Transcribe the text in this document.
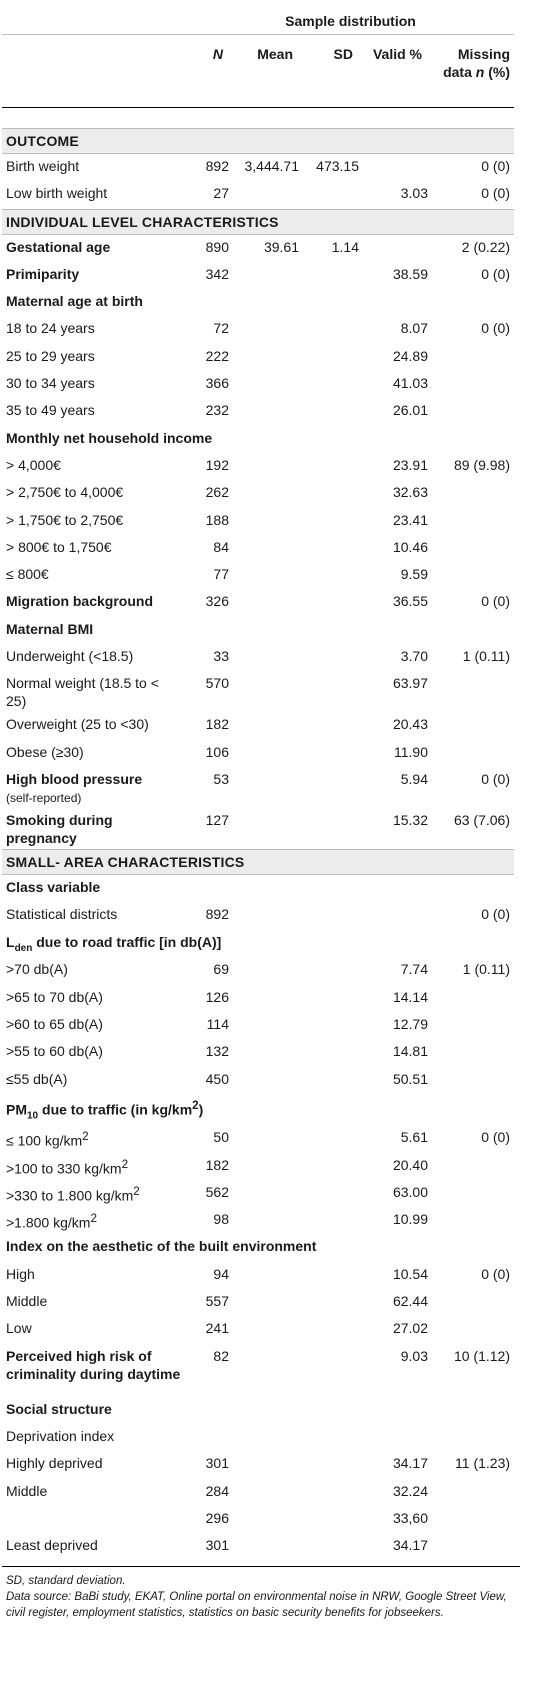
	Sample distribution				
	N	Mean	SD	Valid %	Missing
data n (%)

OUTCOME					
Birth weight	892	3,444.71	473.15		0 (0)
Low birth weight	27			3.03	0 (0)
INDIVIDUAL LEVEL CHARACTERISTICS					
Gestational age	890	39.61	1.14		2 (0.22)
Primiparity	342			38.59	0 (0)
Maternal age at birth					
18 to 24 years	72			8.07	0 (0)
25 to 29 years	222			24.89	
30 to 34 years	366			41.03	
35 to 49 years	232			26.01	
Monthly net household income					
> 4,000€	192			23.91	89 (9.98)
> 2,750€ to 4,000€	262			32.63	
> 1,750€ to 2,750€	188			23.41	
> 800€ to 1,750€	84			10.46	
≤ 800€	77			9.59	
Migration background	326			36.55	0 (0)
Maternal BMI					
Underweight (<18.5)	33			3.70	1 (0.11)
Normal weight (18.5 to < 25)	570			63.97	
Overweight (25 to <30)	182			20.43	
Obese (≥30)	106			11.90	
High blood pressure
(self-reported)	53			5.94	0 (0)
Smoking during pregnancy	127			15.32	63 (7.06)
SMALL- AREA CHARACTERISTICS					
Class variable					
Statistical districts	892				0 (0)
$L_{den}$ due to road traffic [in db(A)]					
>70 db(A)	69			7.74	1 (0.11)
>65 to 70 db(A)	126			14.14	
>60 to 65 db(A)	114			12.79	
>55 to 60 db(A)	132			14.81	
≤55 db(A)	450			50.51	
$PM_{10}$ due to traffic (in $kg/km^2$)					
≤ 100 $kg/km^2$	50			5.61	0 (0)
>100 to 330 $kg/km^2$	182			20.40	
>330 to 1.800 $kg/km^2$	562			63.00	
>1.800 $kg/km^2$	98			10.99	
Index on the aesthetic of the built environment					
High	94			10.54	0 (0)
Middle	557			62.44	
Low	241			27.02	
Perceived high risk of criminality during daytime	82			9.03	10 (1.12)
Social structure					
Deprivation index					
Highly deprived	301			34.17	11 (1.23)
Middle	284			32.24	
	296			33,60	
Least deprived	301			34.17	
SD, standard deviation.
Data source: BaBi study, EKAT, Online portal on environmental noise in NRW, Google Street View, civil register, employment statistics, statistics on basic security benefits for jobseekers.
